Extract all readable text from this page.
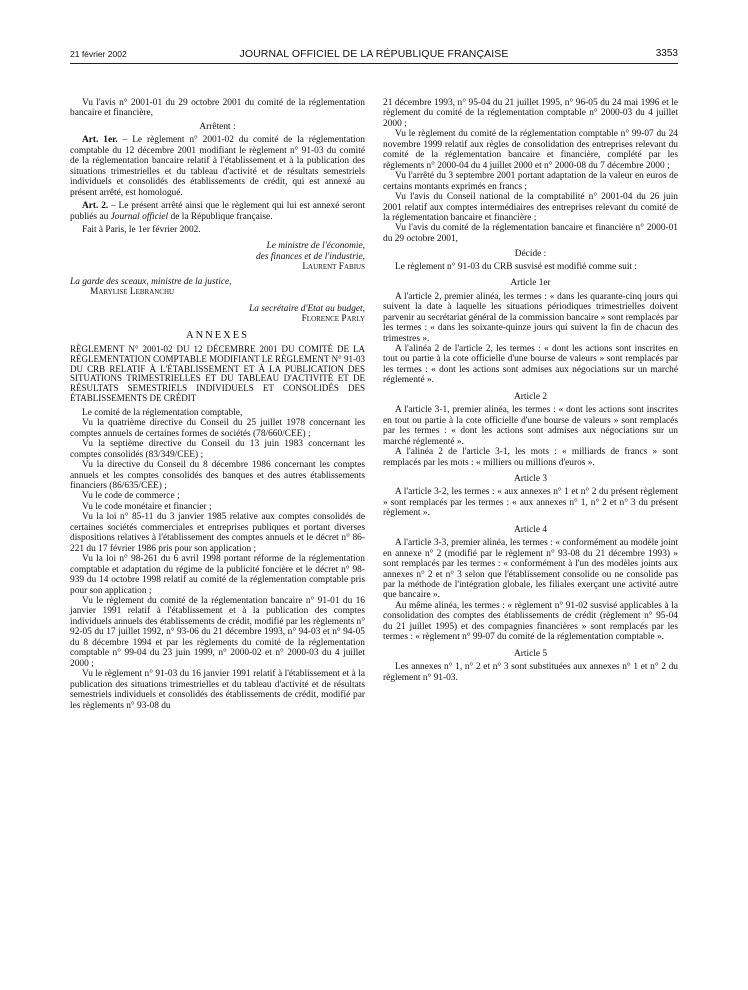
21 février 2002	JOURNAL OFFICIEL DE LA RÉPUBLIQUE FRANÇAISE	3353

Vu l'avis n° 2001-01 du 29 octobre 2001 du comité de la réglementation bancaire et financière,

Arrêtent :

Art. 1er. – Le règlement n° 2001-02 du comité de la réglementation comptable du 12 décembre 2001 modifiant le règlement n° 91-03 du comité de la réglementation bancaire relatif à l'établissement et à la publication des situations trimestrielles et du tableau d'activité et de résultats semestriels individuels et consolidés des établissements de crédit, qui est annexé au présent arrêté, est homologué.

Art. 2. – Le présent arrêté ainsi que le règlement qui lui est annexé seront publiés au Journal officiel de la République française.

Fait à Paris, le 1er février 2002.

Le ministre de l'économie,

des finances et de l'industrie,

Laurent Fabius

La garde des sceaux, ministre de la justice,

Marylise Lebranchu

La secrétaire d'Etat au budget,

Florence Parly

ANNEXES

RÈGLEMENT N° 2001-02 DU 12 DÉCEMBRE 2001 DU COMITÉ DE LA RÉGLEMENTATION COMPTABLE MODIFIANT LE RÈGLEMENT N° 91-03 DU CRB RELATIF À L'ÉTABLISSEMENT ET À LA PUBLICATION DES SITUATIONS TRIMESTRIELLES ET DU TABLEAU D'ACTIVITÉ ET DE RÉSULTATS SEMESTRIELS INDIVIDUELS ET CONSOLIDÉS DES ÉTABLISSEMENTS DE CRÉDIT

Le comité de la réglementation comptable,

Vu la quatrième directive du Conseil du 25 juillet 1978 concernant les comptes annuels de certaines formes de sociétés (78/660/CEE) ;

Vu la septième directive du Conseil du 13 juin 1983 concernant les comptes consolidés (83/349/CEE) ;

Vu la directive du Conseil du 8 décembre 1986 concernant les comptes annuels et les comptes consolidés des banques et des autres établissements financiers (86/635/CEE) ;

Vu le code de commerce ;

Vu le code monétaire et financier ;

Vu la loi n° 85-11 du 3 janvier 1985 relative aux comptes consolidés de certaines sociétés commerciales et entreprises publiques et portant diverses dispositions relatives à l'établissement des comptes annuels et le décret n° 86-221 du 17 février 1986 pris pour son application ;

Vu la loi n° 98-261 du 6 avril 1998 portant réforme de la réglementation comptable et adaptation du régime de la publicité foncière et le décret n° 98-939 du 14 octobre 1998 relatif au comité de la réglementation comptable pris pour son application ;

Vu le règlement du comité de la réglementation bancaire n° 91-01 du 16 janvier 1991 relatif à l'établissement et à la publication des comptes individuels annuels des établissements de crédit, modifié par les règlements n° 92-05 du 17 juillet 1992, n° 93-06 du 21 décembre 1993, n° 94-03 et n° 94-05 du 8 décembre 1994 et par les règlements du comité de la réglementation comptable n° 99-04 du 23 juin 1999, n° 2000-02 et n° 2000-03 du 4 juillet 2000 ;

Vu le règlement n° 91-03 du 16 janvier 1991 relatif à l'établissement et à la publication des situations trimestrielles et du tableau d'activité et de résultats semestriels individuels et consolidés des établissements de crédit, modifié par les règlements n° 93-08 du

21 décembre 1993, n° 95-04 du 21 juillet 1995, n° 96-05 du 24 mai 1996 et le règlement du comité de la réglementation comptable n° 2000-03 du 4 juillet 2000 ;

Vu le règlement du comité de la réglementation comptable n° 99-07 du 24 novembre 1999 relatif aux règles de consolidation des entreprises relevant du comité de la réglementation bancaire et financière, complété par les règlements n° 2000-04 du 4 juillet 2000 et n° 2000-08 du 7 décembre 2000 ;

Vu l'arrêté du 3 septembre 2001 portant adaptation de la valeur en euros de certains montants exprimés en francs ;

Vu l'avis du Conseil national de la comptabilité n° 2001-04 du 26 juin 2001 relatif aux comptes intermédiaires des entreprises relevant du comité de la réglementation bancaire et financière ;

Vu l'avis du comité de la réglementation bancaire et financière n° 2000-01 du 29 octobre 2001,

Décide :

Le règlement n° 91-03 du CRB susvisé est modifié comme suit :

Article 1er

A l'article 2, premier alinéa, les termes : « dans les quarante-cinq jours qui suivent la date à laquelle les situations périodiques trimestrielles doivent parvenir au secrétariat général de la commission bancaire » sont remplacés par les termes : « dans les soixante-quinze jours qui suivent la fin de chacun des trimestres ».

A l'alinéa 2 de l'article 2, les termes : « dont les actions sont inscrites en tout ou partie à la cote officielle d'une bourse de valeurs » sont remplacés par les termes : « dont les actions sont admises aux négociations sur un marché réglementé ».

Article 2

A l'article 3-1, premier alinéa, les termes : « dont les actions sont inscrites en tout ou partie à la cote officielle d'une bourse de valeurs » sont remplacés par les termes : « dont les actions sont admises aux négociations sur un marché réglementé ».

A l'alinéa 2 de l'article 3-1, les mots : « milliards de francs » sont remplacés par les mots : « milliers ou millions d'euros ».

Article 3

A l'article 3-2, les termes : « aux annexes n° 1 et n° 2 du présent règlement » sont remplacés par les termes : « aux annexes n° 1, n° 2 et n° 3 du présent règlement ».

Article 4

A l'article 3-3, premier alinéa, les termes : « conformément au modèle joint en annexe n° 2 (modifié par le règlement n° 93-08 du 21 décembre 1993) » sont remplacés par les termes : « conformément à l'un des modèles joints aux annexes n° 2 et n° 3 selon que l'établissement consolide ou ne consolide pas par la méthode de l'intégration globale, les filiales exerçant une activité autre que bancaire ».

Au même alinéa, les termes : « règlement n° 91-02 susvisé applicables à la consolidation des comptes des établissements de crédit (règlement n° 95-04 du 21 juillet 1995) et des compagnies financières » sont remplacés par les termes : « règlement n° 99-07 du comité de la réglementation comptable ».

Article 5

Les annexes n° 1, n° 2 et n° 3 sont substituées aux annexes n° 1 et n° 2 du règlement n° 91-03.
